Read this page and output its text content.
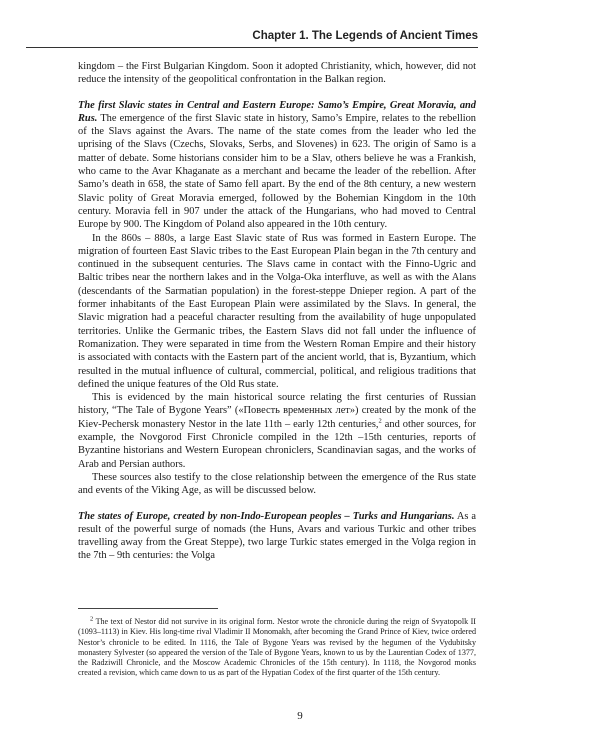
Chapter 1. The Legends of Ancient Times

kingdom – the First Bulgarian Kingdom. Soon it adopted Christianity, which, however, did not reduce the intensity of the geopolitical confrontation in the Balkan region.

The first Slavic states in Central and Eastern Europe: Samo’s Empire, Great Moravia, and Rus. The emergence of the first Slavic state in history, Samo’s Empire, relates to the rebellion of the Slavs against the Avars. The name of the state comes from the leader who led the uprising of the Slavs (Czechs, Slovaks, Serbs, and Slovenes) in 623. The origin of Samo is a matter of debate. Some historians consider him to be a Slav, others believe he was a Frankish, who came to the Avar Khaganate as a merchant and became the leader of the rebellion. After Samo’s death in 658, the state of Samo fell apart. By the end of the 8th century, a new western Slavic polity of Great Moravia emerged, followed by the Bohemian Kingdom in the 10th century. Moravia fell in 907 under the attack of the Hungarians, who had moved to Central Europe by 900. The Kingdom of Poland also appeared in the 10th century.

In the 860s – 880s, a large East Slavic state of Rus was formed in Eastern Europe. The migration of fourteen East Slavic tribes to the East European Plain began in the 7th century and continued in the subsequent centuries. The Slavs came in contact with the Finno-Ugric and Baltic tribes near the northern lakes and in the Volga-Oka interfluve, as well as with the Alans (descendants of the Sarmatian population) in the forest-steppe Dnieper region. A part of the former inhabitants of the East European Plain were assimilated by the Slavs. In general, the Slavic migration had a peaceful character resulting from the availability of huge unpopulated territories. Unlike the Germanic tribes, the Eastern Slavs did not fall under the influence of Romanization. They were separated in time from the Western Roman Empire and their history is associated with contacts with the Eastern part of the ancient world, that is, Byzantium, which resulted in the mutual influence of cultural, commercial, political, and religious traditions that defined the unique features of the Old Rus state.

This is evidenced by the main historical source relating the first centuries of Russian history, “The Tale of Bygone Years” («Повесть временных лет») created by the monk of the Kiev-Pechersk monastery Nestor in the late 11th – early 12th centuries,$^2$ and other sources, for example, the Novgorod First Chronicle compiled in the 12th –15th centuries, reports of Byzantine historians and Western European chroniclers, Scandinavian sagas, and the works of Arab and Persian authors.

These sources also testify to the close relationship between the emergence of the Rus state and events of the Viking Age, as will be discussed below.

The states of Europe, created by non-Indo-European peoples – Turks and Hungarians. As a result of the powerful surge of nomads (the Huns, Avars and various Turkic and other tribes travelling away from the Great Steppe), two large Turkic states emerged in the Volga region in the 7th – 9th centuries: the Volga

$^2$ The text of Nestor did not survive in its original form. Nestor wrote the chronicle during the reign of Svyatopolk II (1093–1113) in Kiev. His long-time rival Vladimir II Monomakh, after becoming the Grand Prince of Kiev, twice ordered Nestor’s chronicle to be edited. In 1116, the Tale of Bygone Years was revised by the hegumen of the Vydubitsky monastery Sylvester (so appeared the version of the Tale of Bygone Years, known to us by the Laurentian Codex of 1377, the Radziwill Chronicle, and the Moscow Academic Chronicles of the 15th century). In 1118, the Novgorod monks created a revision, which came down to us as part of the Hypatian Codex of the first quarter of the 15th century.

9
